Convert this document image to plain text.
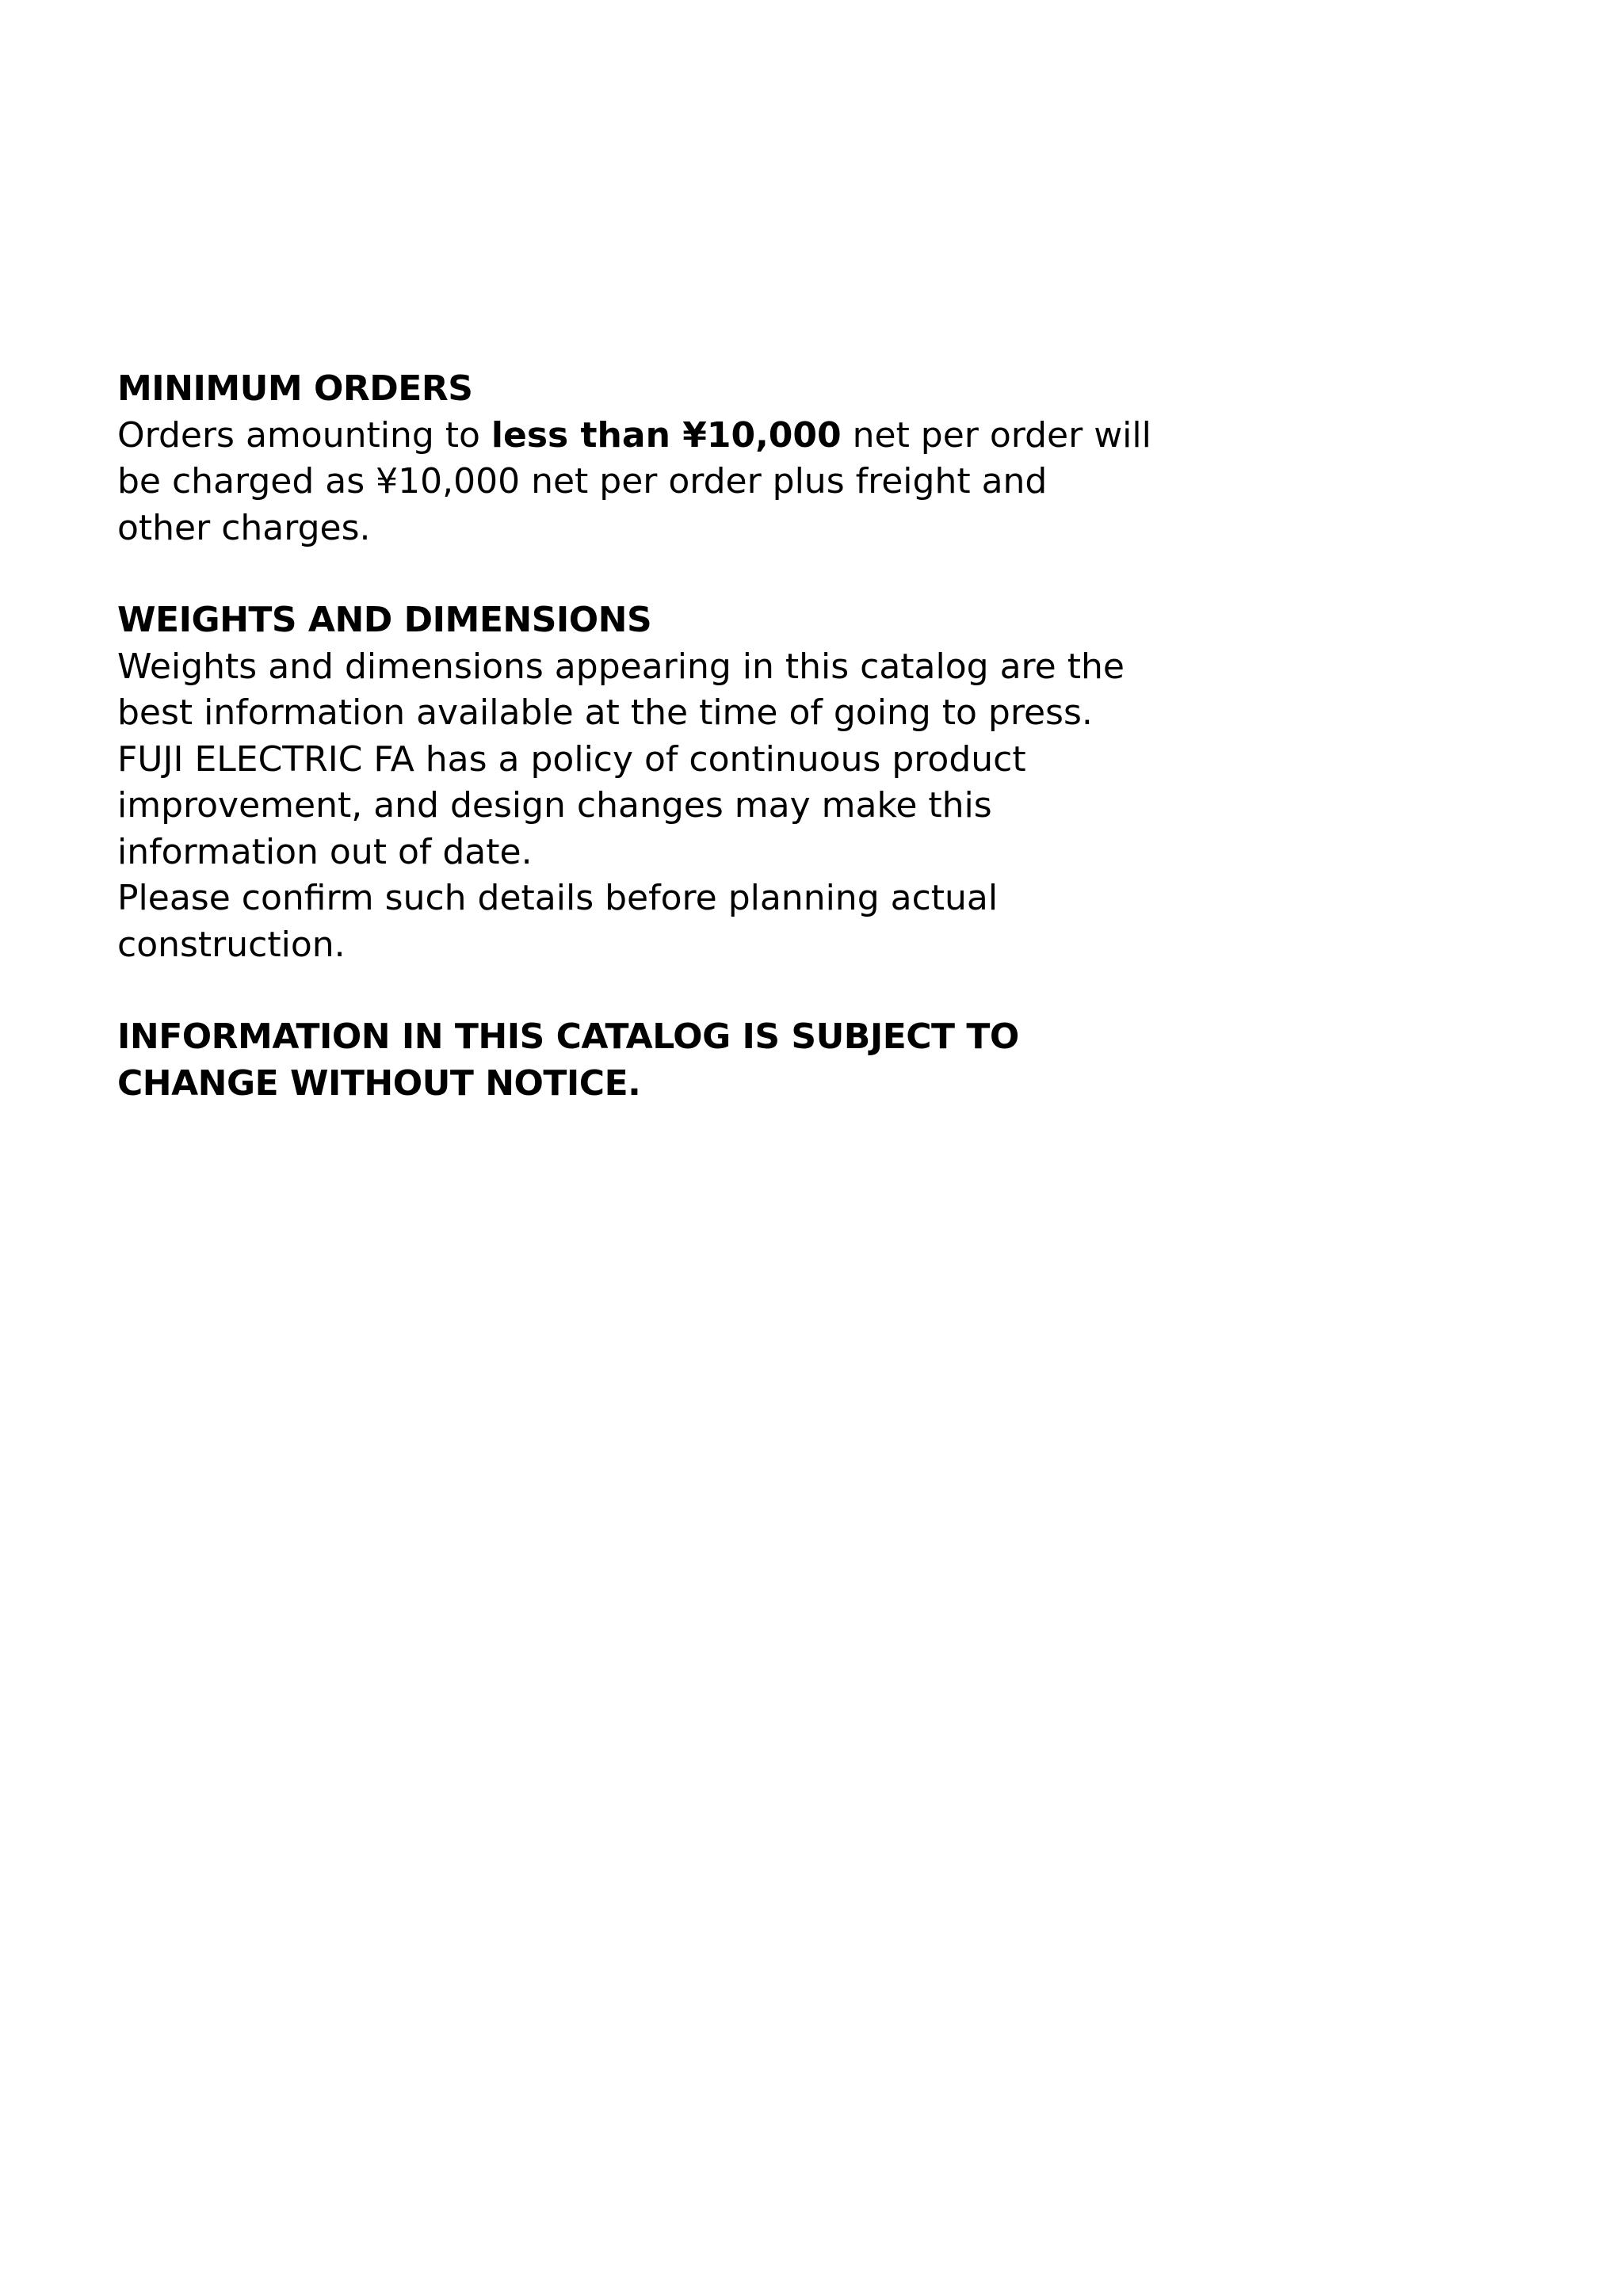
MINIMUM ORDERS
Orders amounting to less than ¥10,000 net per order will
be charged as ¥10,000 net per order plus freight and
other charges.
WEIGHTS AND DIMENSIONS
Weights and dimensions appearing in this catalog are the
best information available at the time of going to press.
FUJI ELECTRIC FA has a policy of continuous product
improvement, and design changes may make this
information out of date.
Please confirm such details before planning actual
construction.
INFORMATION IN THIS CATALOG IS SUBJECT TO
CHANGE WITHOUT NOTICE.
